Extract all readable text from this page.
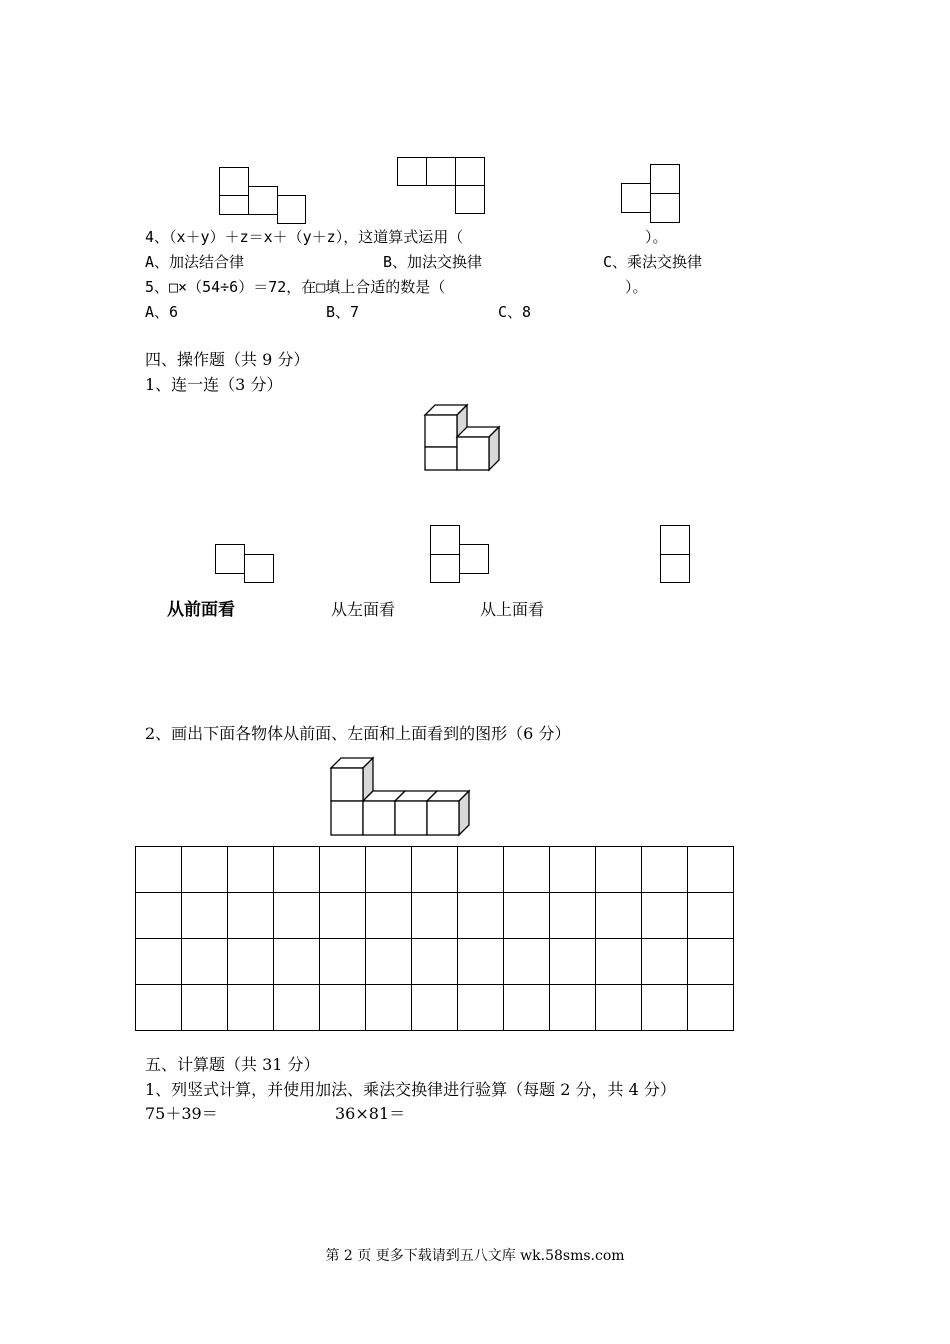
4、（x＋y）＋z＝x＋（y＋z），这道算式运用（	）。
A、加法结合律	B、加法交换律	C、乘法交换律
5、□×（54÷6）＝72，在□填上合适的数是（	）。
A、6	B、7	C、8
四、操作题（共 9 分）
1、连一连（3 分）
从前面看	从左面看	从上面看
2、画出下面各物体从前面、左面和上面看到的图形（6 分）

五、计算题（共 31 分）
1、列竖式计算，并使用加法、乘法交换律进行验算（每题 2 分，共 4 分）
75＋39＝	36×81＝
第 2 页 更多下载请到五八文库 wk.58sms.com
